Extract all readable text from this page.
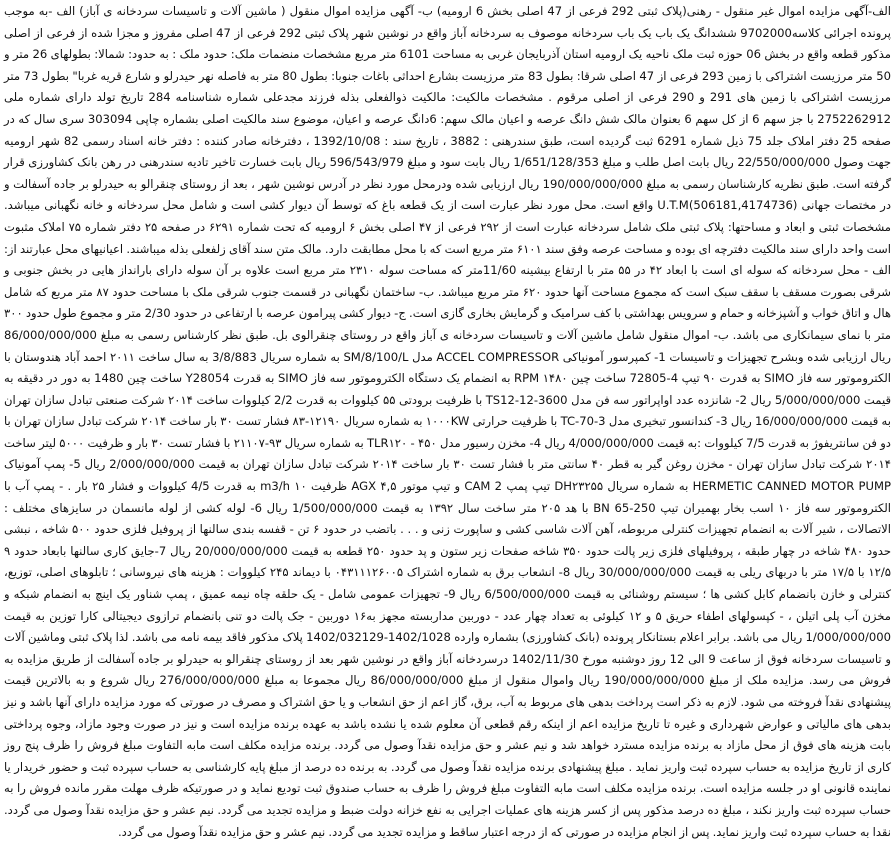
الف-آگهی مزایده اموال غیر منقول - رهنی(پلاک ثبتی 292 فرعی از 47 اصلی بخش 6 ارومیه) ب- آگهی مزایده اموال منقول ( ماشین آلات و تاسیسات سردخانه ی آباز) الف -به موجب پرونده اجرائی کلاسه9702000 ششدانگ یک باب یک باب سردخانه موصوف به سردخانه آباز واقع در نوشین شهر پلاک ثبتی 292 فرعی از 47 اصلی مفروز و مجزا شده از فرعی از اصلی مذکور قطعه واقع در بخش 06 حوزه ثبت ملک ناحیه یک ارومیه استان آذربایجان غربی به مساحت 6101 متر مربع مشخصات منضمات ملک: حدود ملک : به حدود: شمالا: بطولهای 26 متر و 50 متر مرزیست اشتراکی با زمین 293 فرعی از 47 اصلی شرقا: بطول 83 متر مرزیست بشارع احداثی باغات جنوبا: بطول 80 متر به فاصله نهر حیدرلو و شارع قریه غربا" بطول 73 متر مرزیست اشتراکی با زمین های 291 و 290 فرعی از اصلی مرقوم . مشخصات مالکیت: مالکیت ذوالفعلی بذله فرزند مجدعلی شماره شناسنامه 284 تاریخ تولد دارای شماره ملی 2752262912 با جز سهم 6 از کل سهم 6 بعنوان مالک شش دانگ عرصه و اعیان مالک سهم: 6دانگ عرصه و اعیان، موضوع سند مالکیت اصلی بشماره چاپی 303094 سری سال که در صفحه 25 دفتر املاک جلد 75 ذیل شماره 6291 ثبت گردیده است، طبق سندرهنی : 3882 ، تاریخ سند : 1392/10/08 ، دفترخانه صادر کننده : دفتر خانه اسناد رسمی 82 شهر ارومیه جهت وصول 22/550/000/000 ریال بابت اصل طلب و مبلغ 1/651/128/353 ریال بابت سود و مبلغ 596/543/979 ریال بابت خسارت تاخیر تادیه سندرهنی در رهن بانک کشاورزی قرار گرفته است. طبق نظریه کارشناسان رسمی به مبلغ 190/000/000/000 ریال ارزیابی شده ودرمحل مورد نظر در آدرس نوشین شهر ، بعد از روستای چنقرالو به حیدرلو بر جاده آسفالت و در مختصات جهانی (U.T.M(506181,4174736 واقع است. محل مورد نظر عبارت است از یک قطعه باغ که توسط آن دیوار کشی است و شامل محل سردخانه و خانه نگهبانی میباشد. مشخصات ثبتی و ابعاد و مساحتها: پلاک ثبتی ملک شامل سردخانه عبارت است از ۲۹۲ فرعی از ۴۷ اصلی بخش ۶ ارومیه که تحت شماره ۶۲۹۱ در صفحه ۲۵ دفتر شماره ۷۵ املاک مثبوت است واحد دارای سند مالکیت دفترچه ای بوده و مساحت عرصه وفق سند ۶۱۰۱ متر مربع است که با محل مطابقت دارد. مالک متن سند آقای زلفعلی بذله میباشند. اعیانیهای محل عبارتند از: الف - محل سردخانه که سوله ای است با ابعاد ۴۲ در ۵۵ متر با ارتفاع بیشینه 11/60متر که مساحت سوله ۲۳۱۰ متر مربع است علاوه بر آن سوله دارای بارانداز هایی در بخش جنوبی و شرقی بصورت مسقف با سقف سبک است که مجموع مساحت آنها حدود ۶۲۰ متر مربع میباشد. ب- ساختمان نگهبانی در قسمت جنوب شرقی ملک با مساحت حدود ۸۷ متر مربع که شامل هال و اتاق خواب و آشپزخانه و حمام و سرویس بهداشتی با کف سرامیک و گرمایش بخاری گازی است. ج- دیوار کشی پیرامون عرصه با ارتفاعی در حدود 2/30 متر و مجموع طول حدود ۳۰۰ متر با نمای سیمانکاری می باشد. ب- اموال منقول شامل ماشین آلات و تاسیسات سردخانه ی آباز واقع در روستای چنقرالوی بل. طبق نظر کارشناس رسمی به مبلغ 86/000/000/000 ریال ارزیابی شده وبشرح تجهیزات و تاسیسات 1- کمپرسور آمونیاکی ACCEL COMPRESSOR مدل SM/8/100/L به شماره سریال 3/8/883 به سال ساخت ۲۰۱۱ احمد آباد هندوستان با الکتروموتور سه فاز SIMO به قدرت ۹۰ تیپ 4-72805 ساخت چین ۱۴۸۰ RPM به انضمام یک دستگاه الکتروموتور سه فاز SIMO به قدرت Y28054 ساخت چین 1480 به دور در دقیقه به قیمت 5/000/000/000 ریال 2- شانزده عدد اواپراتور سه فن مدل TS12-12-3600 با ظرفیت برودتی ۵۵ کیلووات به قدرت 2/2 کیلووات ساخت ۲۰۱۴ شرکت صنعتی تبادل سازان تهران به قیمت 16/000/000/000 ریال 3- کندانسور تبخیری مدل TC-70-3 با ظرفیت حرارتی ۱۰۰۰KW به شماره سریال ۱۲۱۹۰-۸۳ فشار تست ۳۰ بار ساخت ۲۰۱۴ شرکت تبادل سازان تهران با دو فن سانتریفوژ به قدرت 7/5 کیلووات :به قیمت 4/000/000/000 ریال 4- مخزن رسیور مدل ۴۵۰ - TLR۱۲۰ به شماره سریال ۹۳-۲۱۱۰۷ با فشار تست ۳۰ بار و ظرفیت ۵۰۰۰ لیتر ساخت ۲۰۱۴ شرکت تبادل سازان تهران - مخزن روغن گیر به قطر ۴۰ سانتی متر با فشار تست ۳۰ بار ساخت ۲۰۱۴ شرکت تبادل سازان تهران به قیمت 2/000/000/000 ریال 5- پمپ آمونیاک HERMETIC CANNED MOTOR PUMP به شماره سریال DH۲۳۲۵۵ تیپ پمپ CAM 2 و تیپ موتور AGX ۴,۵ ظرفیت m3/h ۱۰ به قدرت 4/5 کیلووات و فشار ۲۵ بار . - پمپ آب با الکتروموتور سه فاز ۱۰ اسب بخار بهمیران تیپ BN 65-250 با هد ۲۰۵ متر ساخت سال ۱۳۹۲ به قیمت 1/500/000/000 ریال 6- لوله کشی از لوله مانسمان در سایزهای مختلف : الاتصالات ، شیر آلات به انضمام تجهیزات کنترلی مربوطه، آهن آلات شاسی کشی و ساپورت زنی و . . . باتضب در حدود ۶ تن - قفسه بندی سالنها از پروفیل فلزی حدود ۵۰۰ شاخه ، نبشی حدود ۴۸۰ شاخه در چهار طبقه ، پروفیلهای فلزی زیر پالت حدود ۳۵۰ شاخه صفحات زیر ستون و پد حدود ۲۵۰ قطعه به قیمت 20/000/000/000 ریال 7-جایق کاری سالنها بابعاد حدود ۹ ۱۲/۵ با ۱۷/۵ متر با دربهای ریلی به قیمت 30/000/000/000 ریال 8- انشعاب برق به شماره اشتراک ۰۴۳۱۱۱۲۶۰۰۵ با دیماند ۲۴۵ کیلووات : هزینه های نیروسانی ؛ تابلوهای اصلی، توزیع، کنترلی و خازن بانضمام کابل کشی ها ؛ سیستم روشنائی به قیمت 6/500/000/000 ریال 9- تجهیزات عمومی شامل - یک حلقه چاه نیمه عمیق ، پمپ شناور یک اینچ به انضمام شبکه و مخزن آب پلی اتیلن ، - کپسولهای اطفاء حریق ۵ و ۱۲ کیلوئی به تعداد چهار عدد - دوربین مداربسته مجهز به۱۶ دوربین - جک پالت دو تنی بانضمام ترازوی دیجیتالی کارا توزین به قیمت 1/000/000/000 ریال می باشد. برابر اعلام بستانکار پرونده (بانک کشاورزی) بشماره وارده 1402/1028-1402/032129 پلاک مذکور فاقد بیمه نامه می باشد. لذا پلاک ثبتی وماشین آلات و تاسیسات سردخانه فوق از ساعت 9 الی 12 روز دوشنبه مورخ 1402/11/30 درسردخانه آباز واقع در نوشین شهر بعد از روستای چنقرالو به حیدرلو بر جاده آسفالت از طریق مزایده به فروش می رسد. مزایده ملک از مبلغ 190/000/000/000 ریال واموال منقول از مبلغ 86/000/000/000 ریال مجموعا به مبلغ 276/000/000/000 ریال شروع و به بالاترین قیمت پیشنهادی نقدآ فروخته می شود. لازم به ذکر است پرداخت بدهی های مربوط به آب، برق، گاز اعم از حق انشعاب و یا حق اشتراک و مصرف در صورتی که مورد مزایده دارای آنها باشد و نیز بدهی های مالیاتی و عوارض شهرداری و غیره تا تاریخ مزایده اعم از اینکه رقم قطعی آن معلوم شده یا نشده باشد به عهده برنده مزایده است و نیز در صورت وجود مازاد، وجوه پرداختی بابت هزینه های فوق از محل مازاد به برنده مزایده مسترد خواهد شد و نیم عشر و حق مزایده نقدآ وصول می گردد. برنده مزایده مکلف است مابه التفاوت مبلغ فروش را ظرف پنج روز کاری از تاریخ مزایده به حساب سپرده ثبت واریز نماید . مبلغ پیشنهادی برنده مزایده نقدآ وصول می گردد. به برنده ده درصد از مبلغ پایه کارشناسی به حساب سپرده ثبت و حضور خریدار یا نماینده قانونی او در جلسه مزایده است. برنده مزایده مکلف است مابه التفاوت مبلغ فروش را ظرف به حساب صندوق ثبت تودیع نماید و در صورتیکه ظرف مهلت مقرر مانده فروش را به حساب سپرده ثبت واریز نکند ، مبلغ ده درصد مذکور پس از کسر هزینه های عملیات اجرایی به نفع خزانه دولت ضبط و مزایده تجدید می گردد. نیم عشر و حق مزایده نقدآ وصول می گردد. نقدا به حساب سپرده ثبت واریز نماید. پس از انجام مزایده در صورتی که از درجه اعتبار ساقط و مزایده تجدید می گردد. نیم عشر و حق مزایده نقدآ وصول می گردد.
